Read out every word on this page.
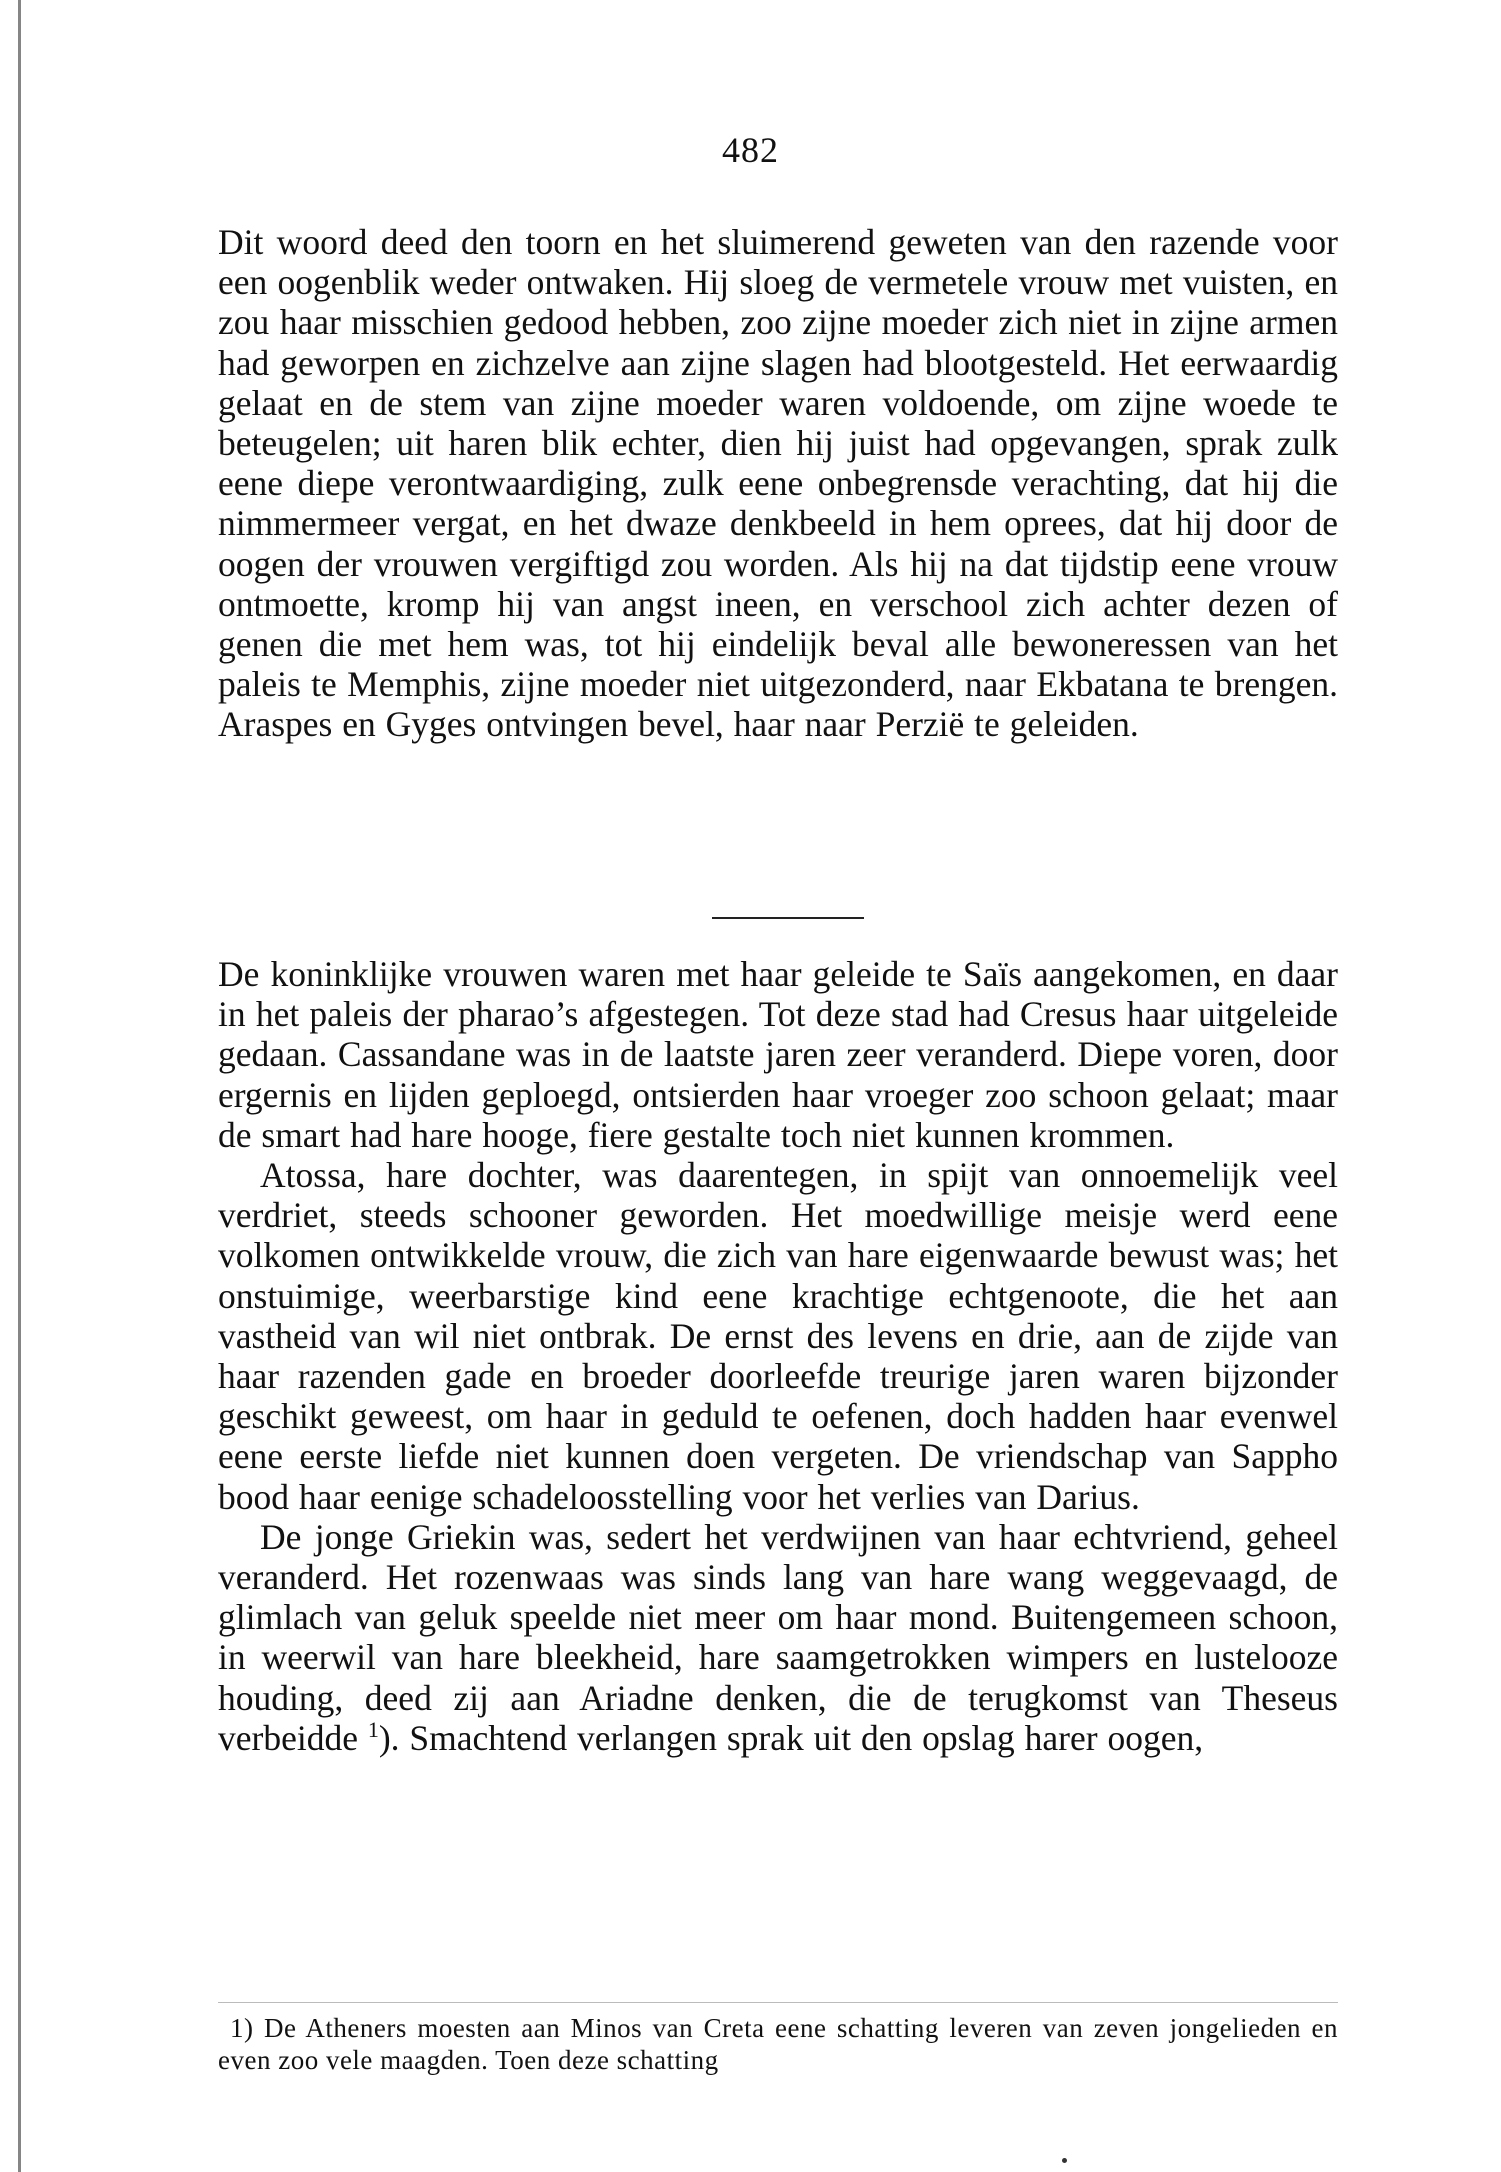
482

Dit woord deed den toorn en het sluimerend geweten van den razende voor een oogenblik weder ontwaken. Hij sloeg de vermetele vrouw met vuisten, en zou haar misschien gedood hebben, zoo zijne moeder zich niet in zijne armen had geworpen en zichzelve aan zijne slagen had blootgesteld. Het eerwaardig gelaat en de stem van zijne moeder waren voldoende, om zijne woede te beteugelen; uit haren blik echter, dien hij juist had opgevangen, sprak zulk eene diepe verontwaardiging, zulk eene onbegrensde verachting, dat hij die nimmermeer vergat, en het dwaze denkbeeld in hem oprees, dat hij door de oogen der vrouwen vergiftigd zou worden. Als hij na dat tijdstip eene vrouw ontmoette, kromp hij van angst ineen, en verschool zich achter dezen of genen die met hem was, tot hij eindelijk beval alle bewoneressen van het paleis te Memphis, zijne moeder niet uitgezonderd, naar Ekbatana te brengen. Araspes en Gyges ontvingen bevel, haar naar Perzië te geleiden.

De koninklijke vrouwen waren met haar geleide te Saïs aangekomen, en daar in het paleis der pharao’s afgestegen. Tot deze stad had Cresus haar uitgeleide gedaan. Cassandane was in de laatste jaren zeer veranderd. Diepe voren, door ergernis en lijden geploegd, ontsierden haar vroeger zoo schoon gelaat; maar de smart had hare hooge, fiere gestalte toch niet kunnen krommen.

Atossa, hare dochter, was daarentegen, in spijt van onnoemelijk veel verdriet, steeds schooner geworden. Het moedwillige meisje werd eene volkomen ontwikkelde vrouw, die zich van hare eigenwaarde bewust was; het onstuimige, weerbarstige kind eene krachtige echtgenoote, die het aan vastheid van wil niet ontbrak. De ernst des levens en drie, aan de zijde van haar razenden gade en broeder doorleefde treurige jaren waren bijzonder geschikt geweest, om haar in geduld te oefenen, doch hadden haar evenwel eene eerste liefde niet kunnen doen vergeten. De vriendschap van Sappho bood haar eenige schadeloosstelling voor het verlies van Darius.

De jonge Griekin was, sedert het verdwijnen van haar echtvriend, geheel veranderd. Het rozenwaas was sinds lang van hare wang weggevaagd, de glimlach van geluk speelde niet meer om haar mond. Buitengemeen schoon, in weerwil van hare bleekheid, hare saamgetrokken wimpers en lustelooze houding, deed zij aan Ariadne denken, die de terugkomst van Theseus verbeidde $^1$). Smachtend verlangen sprak uit den opslag harer oogen,

1) De Atheners moesten aan Minos van Creta eene schatting leveren van zeven jongelieden en even zoo vele maagden. Toen deze schatting
